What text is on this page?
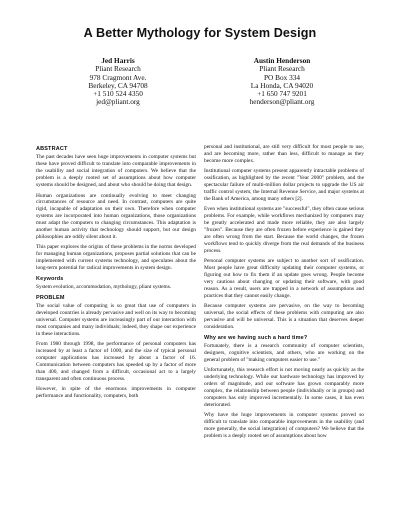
A Better Mythology for System Design
Jed Harris
Pliant Research
978 Cragmont Ave.
Berkeley, CA 94708
+1 510 524 4350
jed@pliant.org
Austin Henderson
Pliant Research
PO Box 334
La Honda, CA 94020
+1 650 747 9201
henderson@pliant.org
ABSTRACT

The past decades have seen huge improvements in computer systems but these have proved difficult to translate into comparable improvements in the usability and social integration of computers. We believe that the problem is a deeply rooted set of assumptions about how computer systems should be designed, and about who should be doing that design.

Human organizations are continually evolving to meet changing circumstances of resource and need. In contrast, computers are quite rigid, incapable of adaptation on their own. Therefore when computer systems are incorporated into human organizations, those organizations must adapt the computers to changing circumstances. This adaptation is another human activity that technology should support, but our design philosophies are oddly silent about it.

This paper explores the origins of these problems in the norms developed for managing human organizations, proposes partial solutions that can be implemented with current systems technology, and speculates about the long-term potential for radical improvements in system design.

Keywords

System evolution, accommodation, mythology, pliant systems.

PROBLEM

The social value of computing is so great that use of computers in developed countries is already pervasive and well on its way to becoming universal. Computer systems are increasingly part of our interaction with most companies and many individuals; indeed, they shape our experience in these interactions.

From 1980 through 1998, the performance of personal computers has increased by at least a factor of 1000, and the size of typical personal computer applications has increased by about a factor of 16. Communication between computers has speeded up by a factor of more than 400, and changed from a difficult, occasional act to a largely transparent and often continuous process.

However, in spite of the enormous improvements in computer performance and functionality, computers, both

personal and institutional, are still very difficult for most people to use, and are becoming more, rather than less, difficult to manage as they become more complex.

Institutional computer systems present apparently intractable problems of ossification, as highlighted by the recent "Year 2000" problem, and the spectacular failure of multi-million dollar projects to upgrade the US air traffic control system, the Internal Revenue Service, and major systems at the Bank of America, among many others [2].

Even when institutional systems are "successful", they often cause serious problems. For example, while workflows mechanized by computers may be greatly accelerated and made more reliable, they are also largely "frozen". Because they are often frozen before experience is gained they are often wrong from the start. Because the world changes, the frozen workflows tend to quickly diverge from the real demands of the business process.

Personal computer systems are subject to another sort of ossification. Most people have great difficulty updating their computer systems, or figuring out how to fix them if an update goes wrong. People become very cautious about changing or updating their software, with good reason. As a result, users are trapped in a network of assumptions and practices that they cannot easily change.

Because computer systems are pervasive, on the way to becoming universal, the social effects of these problems with computing are also pervasive and will be universal. This is a situation that deserves deeper consideration.

Why are we having such a hard time?

Fortunately, there is a research community of computer scientists, designers, cognitive scientists, and others, who are working on the general problem of "making computers easier to use."

Unfortunately, this research effort is not moving nearly as quickly as the underlying technology. While our hardware technology has improved by orders of magnitude, and our software has grown comparably more complex, the relationship between people (individually or in groups) and computers has only improved incrementally. In some cases, it has even deteriorated.

Why have the huge improvements in computer systems proved so difficult to translate into comparable improvements in the usability (and more generally, the social integration) of computers? We believe that the problem is a deeply rooted set of assumptions about how
